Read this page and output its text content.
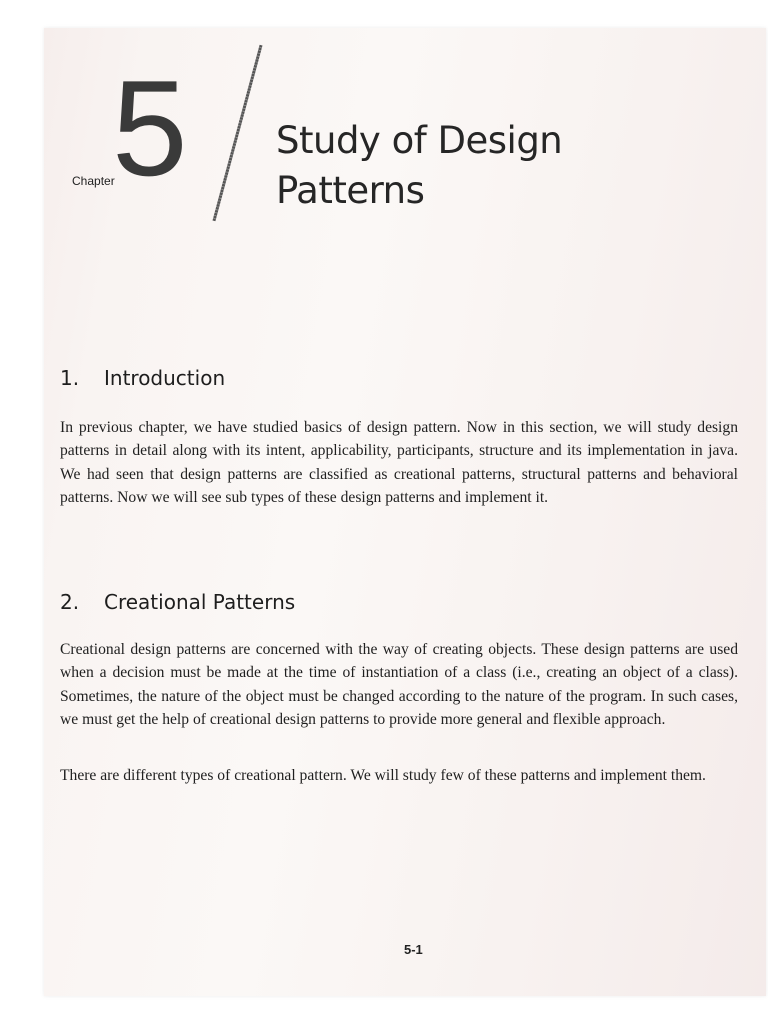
Chapter
5 Study of Design
Patterns
1. Introduction
In previous chapter, we have studied basics of design pattern. Now in this section, we will study design patterns in detail along with its intent, applicability, participants, structure and its implementation in java. We had seen that design patterns are classified as creational patterns, structural patterns and behavioral patterns. Now we will see sub types of these design patterns and implement it.
2. Creational Patterns
Creational design patterns are concerned with the way of creating objects. These design patterns are used when a decision must be made at the time of instantiation of a class (i.e., creating an object of a class). Sometimes, the nature of the object must be changed according to the nature of the program. In such cases, we must get the help of creational design patterns to provide more general and flexible approach.
There are different types of creational pattern. We will study few of these patterns and implement them.
5-1
